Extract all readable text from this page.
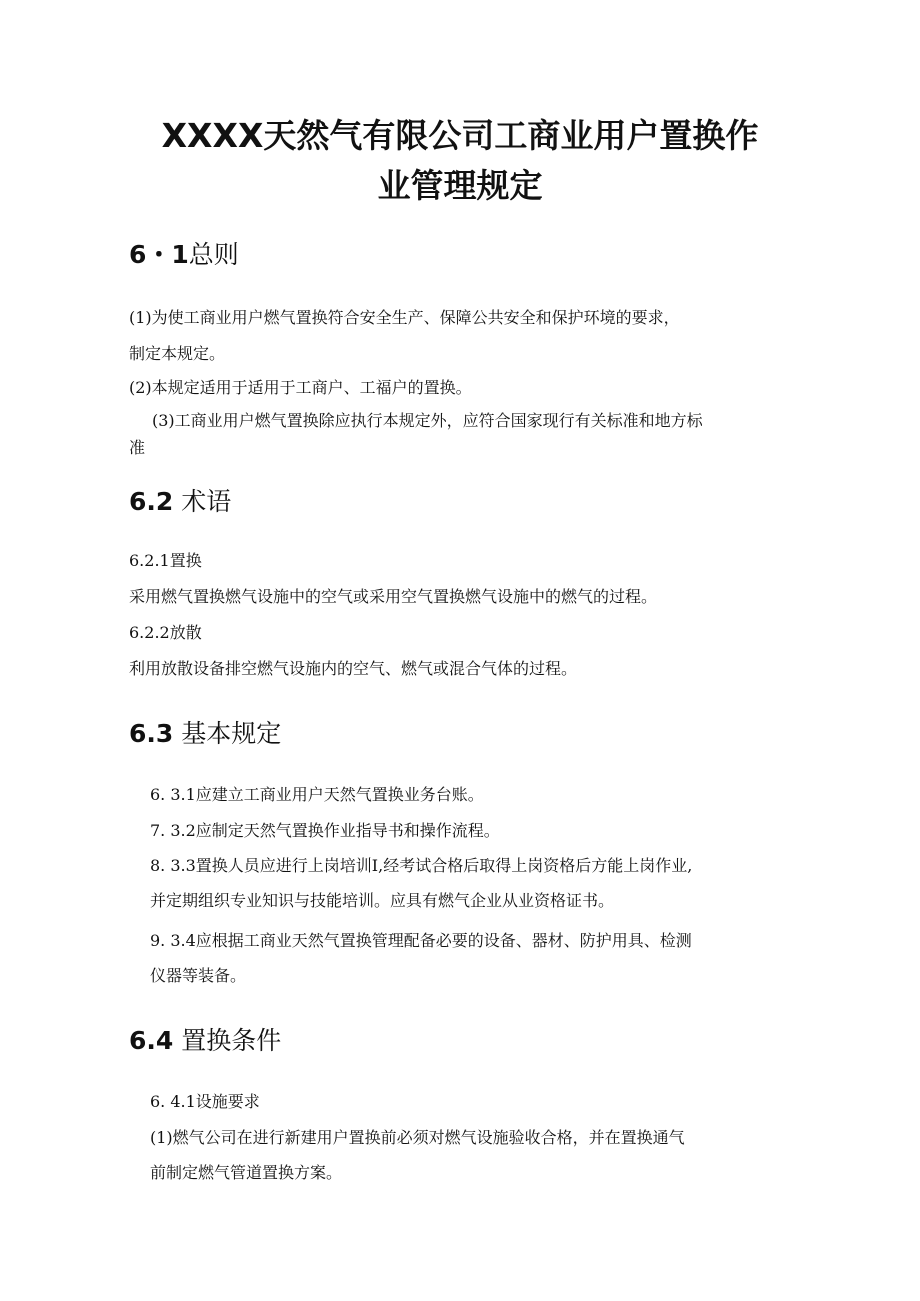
XXXX天然气有限公司工商业用户置换作
业管理规定
6・1总则
(1)为使工商业用户燃气置换符合安全生产、保障公共安全和保护环境的要求，
制定本规定。
(2)本规定适用于适用于工商户、工福户的置换。
(3)工商业用户燃气置换除应执行本规定外，应符合国家现行有关标准和地方标
准
6.2 术语
6.2.1置换
采用燃气置换燃气设施中的空气或采用空气置换燃气设施中的燃气的过程。
6.2.2放散
利用放散设备排空燃气设施内的空气、燃气或混合气体的过程。
6.3 基本规定
6. 3.1应建立工商业用户天然气置换业务台账。
7. 3.2应制定天然气置换作业指导书和操作流程。
8. 3.3置换人员应进行上岗培训I,经考试合格后取得上岗资格后方能上岗作业,
并定期组织专业知识与技能培训。应具有燃气企业从业资格证书。
9. 3.4应根据工商业天然气置换管理配备必要的设备、器材、防护用具、检测
仪器等装备。
6.4 置换条件
6. 4.1设施要求
(1)燃气公司在进行新建用户置换前必须对燃气设施验收合格，并在置换通气
前制定燃气管道置换方案。
